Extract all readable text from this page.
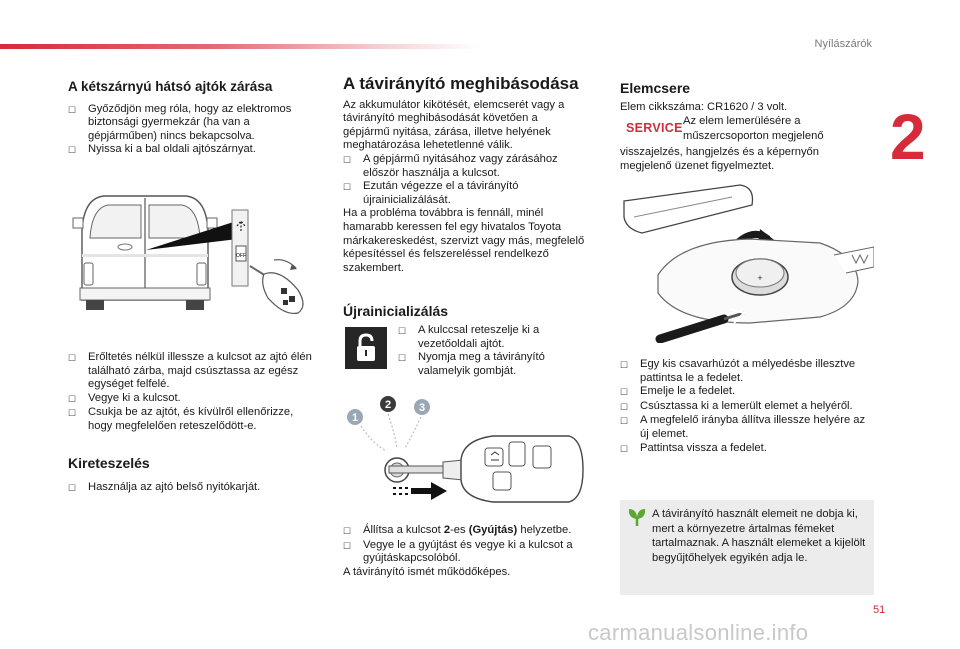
Nyílászárók
2
51
carmanualsonline.info
A kétszárnyú hátsó ajtók zárása
☐	Győződjön meg róla, hogy az elektromos biztonsági gyermekzár (ha van a gépjárműben) nincs bekapcsolva.
☐	Nyissa ki a bal oldali ajtószárnyat.
OFF
☐	Erőltetés nélkül illessze a kulcsot az ajtó élén található zárba, majd csúsztassa az egész egységet felfelé.
☐	Vegye ki a kulcsot.
☐	Csukja be az ajtót, és kívülről ellenőrizze, hogy megfelelően reteszelődött-e.
Kireteszelés
☐	Használja az ajtó belső nyitókarját.
A távirányító meghibásodása
Az akkumulátor kikötését, elemcserét vagy a távirányító meghibásodását követően a gépjármű nyitása, zárása, illetve helyének meghatározása lehetetlenné válik.
☐	A gépjármű nyitásához vagy zárásához először használja a kulcsot.
☐	Ezután végezze el a távirányító újrainicializálását.
Ha a probléma továbbra is fennáll, minél hamarabb keressen fel egy hivatalos Toyota márkakereskedést, szervizt vagy más, megfelelő képesítéssel és felszereléssel rendelkező szakembert.
Újrainicializálás
☐	A kulccsal reteszelje ki a vezetőoldali ajtót.
☐	Nyomja meg a távirányító valamelyik gombját.
1
2	3
☐	Állítsa a kulcsot 2-es (Gyújtás) helyzetbe.
☐	Vegye le a gyújtást és vegye ki a kulcsot a gyújtáskapcsolóból.
A távirányító ismét működőképes.
Elemcsere
Elem cikkszáma: CR1620 / 3 volt.
SERVICE Az elem lemerülésére a
műszercsoporton megjelenő
visszajelzés, hangjelzés és a képernyőn megjelenő üzenet figyelmeztet.
+
☐	Egy kis csavarhúzót a mélyedésbe illesztve pattintsa le a fedelet.
☐	Emelje le a fedelet.
☐	Csúsztassa ki a lemerült elemet a helyéről.
☐	A megfelelő irányba állítva illessze helyére az új elemet.
☐	Pattintsa vissza a fedelet.
A távirányító használt elemeit ne dobja ki, mert a környezetre ártalmas fémeket tartalmaznak. A használt elemeket a kijelölt begyűjtőhelyek egyikén adja le.
